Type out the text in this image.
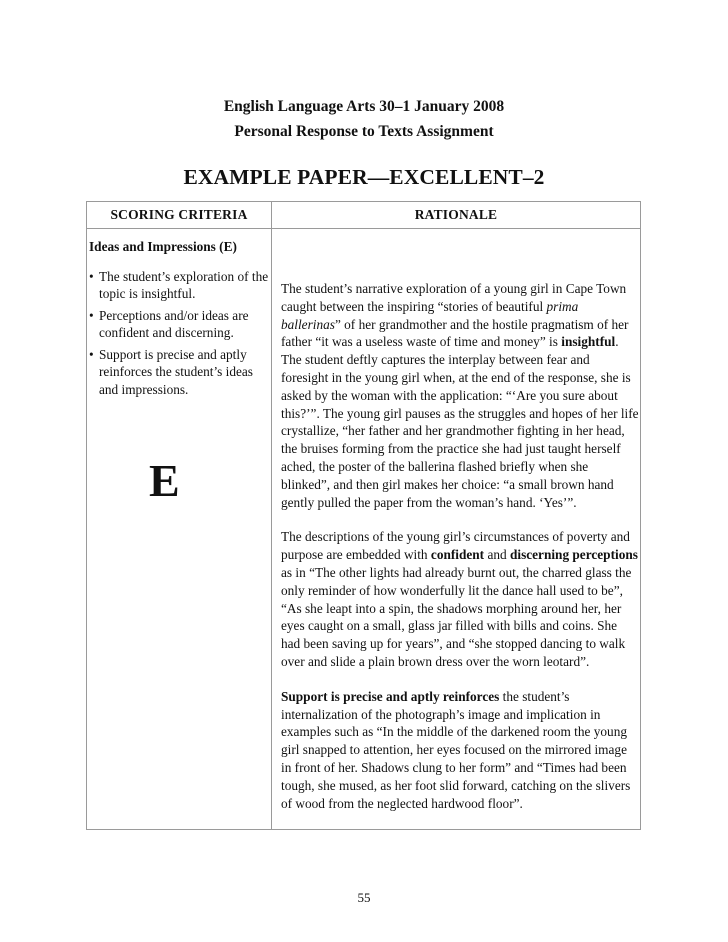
English Language Arts 30–1 January 2008
Personal Response to Texts Assignment
EXAMPLE PAPER—EXCELLENT–2
SCORING CRITERIA	RATIONALE
Ideas and Impressions (E)
• The student’s exploration of the topic is insightful.
• Perceptions and/or ideas are confident and discerning.
• Support is precise and aptly reinforces the student’s ideas and impressions.
E

The student’s narrative exploration of a young girl in Cape Town caught between the inspiring “stories of beautiful prima ballerinas” of her grandmother and the hostile pragmatism of her father “it was a useless waste of time and money” is insightful. The student deftly captures the interplay between fear and foresight in the young girl when, at the end of the response, she is asked by the woman with the application: “‘Are you sure about this?’”. The young girl pauses as the struggles and hopes of her life crystallize, “her father and her grandmother fighting in her head, the bruises forming from the practice she had just taught herself ached, the poster of the ballerina flashed briefly when she blinked”, and then girl makes her choice: “a small brown hand gently pulled the paper from the woman’s hand. ‘Yes’”.

The descriptions of the young girl’s circumstances of poverty and purpose are embedded with confident and discerning perceptions as in “The other lights had already burnt out, the charred glass the only reminder of how wonderfully lit the dance hall used to be”, “As she leapt into a spin, the shadows morphing around her, her eyes caught on a small, glass jar filled with bills and coins. She had been saving up for years”, and “she stopped dancing to walk over and slide a plain brown dress over the worn leotard”.

Support is precise and aptly reinforces the student’s internalization of the photograph’s image and implication in examples such as “In the middle of the darkened room the young girl snapped to attention, her eyes focused on the mirrored image in front of her. Shadows clung to her form” and “Times had been tough, she mused, as her foot slid forward, catching on the slivers of wood from the neglected hardwood floor”.

55
